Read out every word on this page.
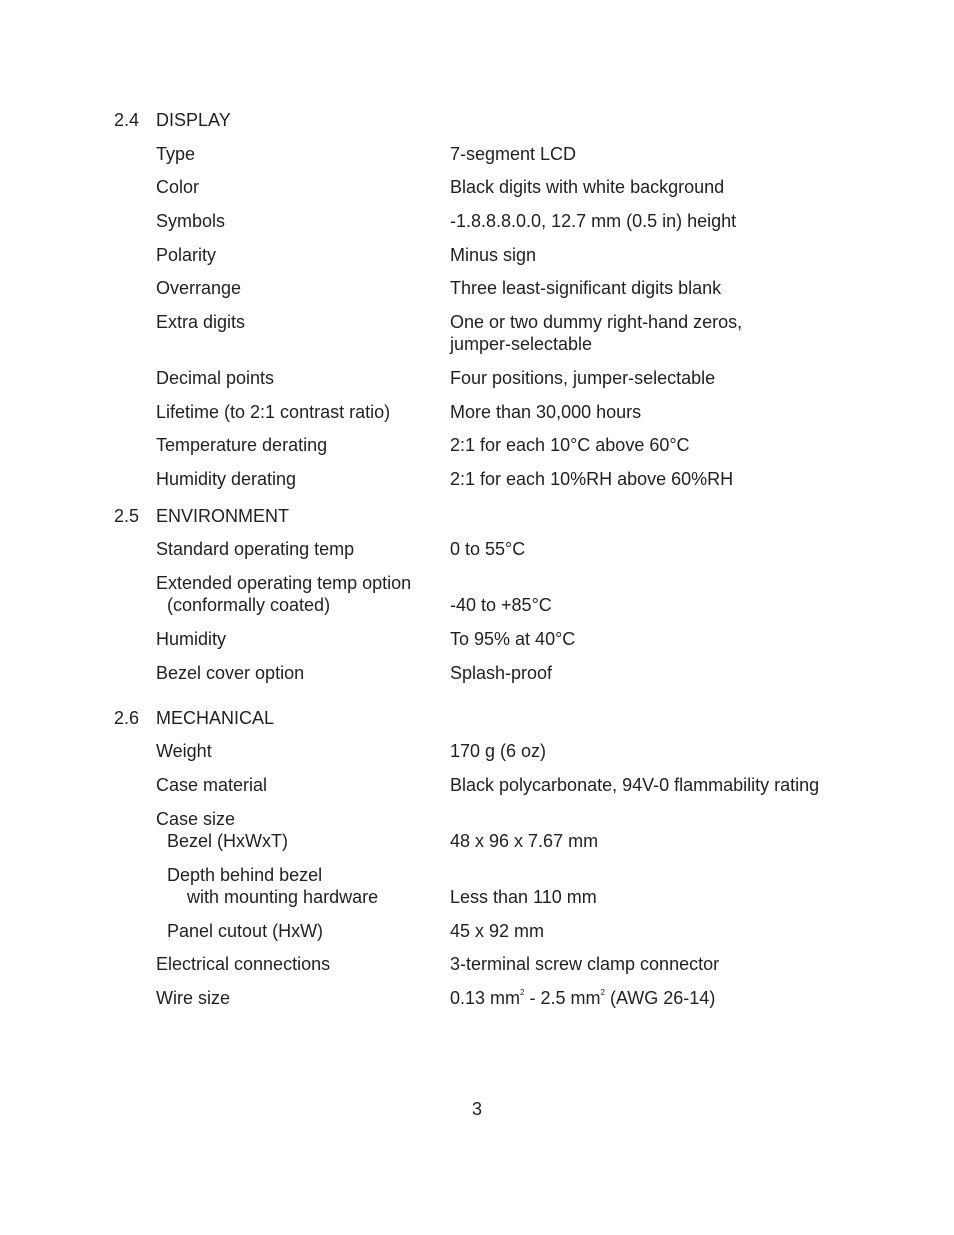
2.4 DISPLAY
Type	7-segment LCD
Color	Black digits with white background
Symbols	-1.8.8.8.0.0, 12.7 mm (0.5 in) height
Polarity	Minus sign
Overrange	Three least-significant digits blank
Extra digits	One or two dummy right-hand zeros,
jumper-selectable
Decimal points	Four positions, jumper-selectable
Lifetime (to 2:1 contrast ratio)	More than 30,000 hours
Temperature derating	2:1 for each 10°C above 60°C
Humidity derating	2:1 for each 10%RH above 60%RH
2.5 ENVIRONMENT
Standard operating temp	0 to 55°C
Extended operating temp option
(conformally coated)	-40 to +85°C
Humidity	To 95% at 40°C
Bezel cover option	Splash-proof
2.6 MECHANICAL
Weight	170 g (6 oz)
Case material	Black polycarbonate, 94V-0 flammability rating
Case size
Bezel (HxWxT)	48 x 96 x 7.67 mm
Depth behind bezel
with mounting hardware	Less than 110 mm
Panel cutout (HxW)	45 x 92 mm
Electrical connections	3-terminal screw clamp connector
Wire size	0.13 $mm^2 - 2.5$ $mm^2$ (AWG 26-14)
3
